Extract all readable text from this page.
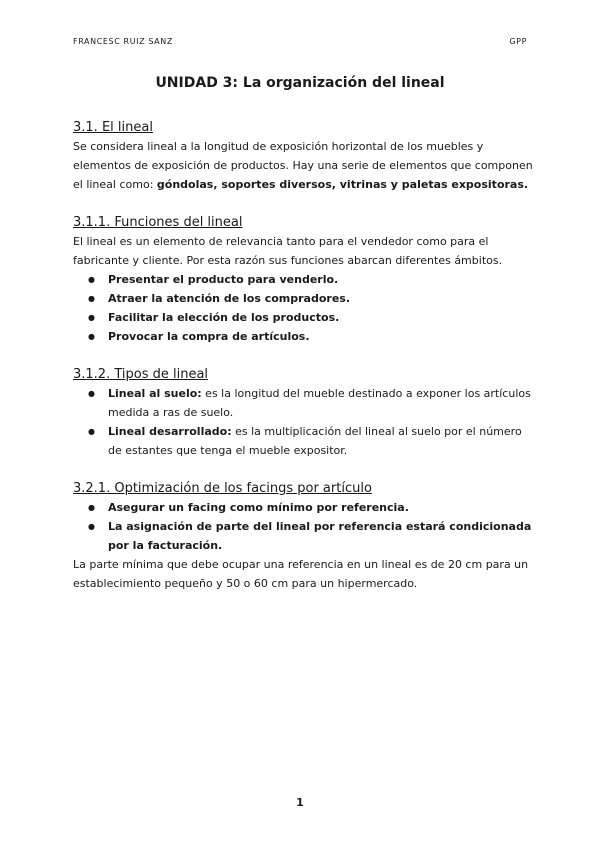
FRANCESC RUIZ SANZ	GPP
UNIDAD 3: La organización del lineal
3.1. El lineal

Se considera lineal a la longitud de exposición horizontal de los muebles y elementos de exposición de productos. Hay una serie de elementos que componen el lineal como: góndolas, soportes diversos, vitrinas y paletas expositoras.

3.1.1. Funciones del lineal

El lineal es un elemento de relevancia tanto para el vendedor como para el fabricante y cliente. Por esta razón sus funciones abarcan diferentes ámbitos.

● Presentar el producto para venderlo.
● Atraer la atención de los compradores.
● Facilitar la elección de los productos.
● Provocar la compra de artículos.
3.1.2. Tipos de lineal
● Lineal al suelo: es la longitud del mueble destinado a exponer los artículos medida a ras de suelo.
● Lineal desarrollado: es la multiplicación del lineal al suelo por el número de estantes que tenga el mueble expositor.
3.2.1. Optimización de los facings por artículo
● Asegurar un facing como mínimo por referencia.
● La asignación de parte del lineal por referencia estará condicionada por la facturación.

La parte mínima que debe ocupar una referencia en un lineal es de 20 cm para un establecimiento pequeño y 50 o 60 cm para un hipermercado.

1
